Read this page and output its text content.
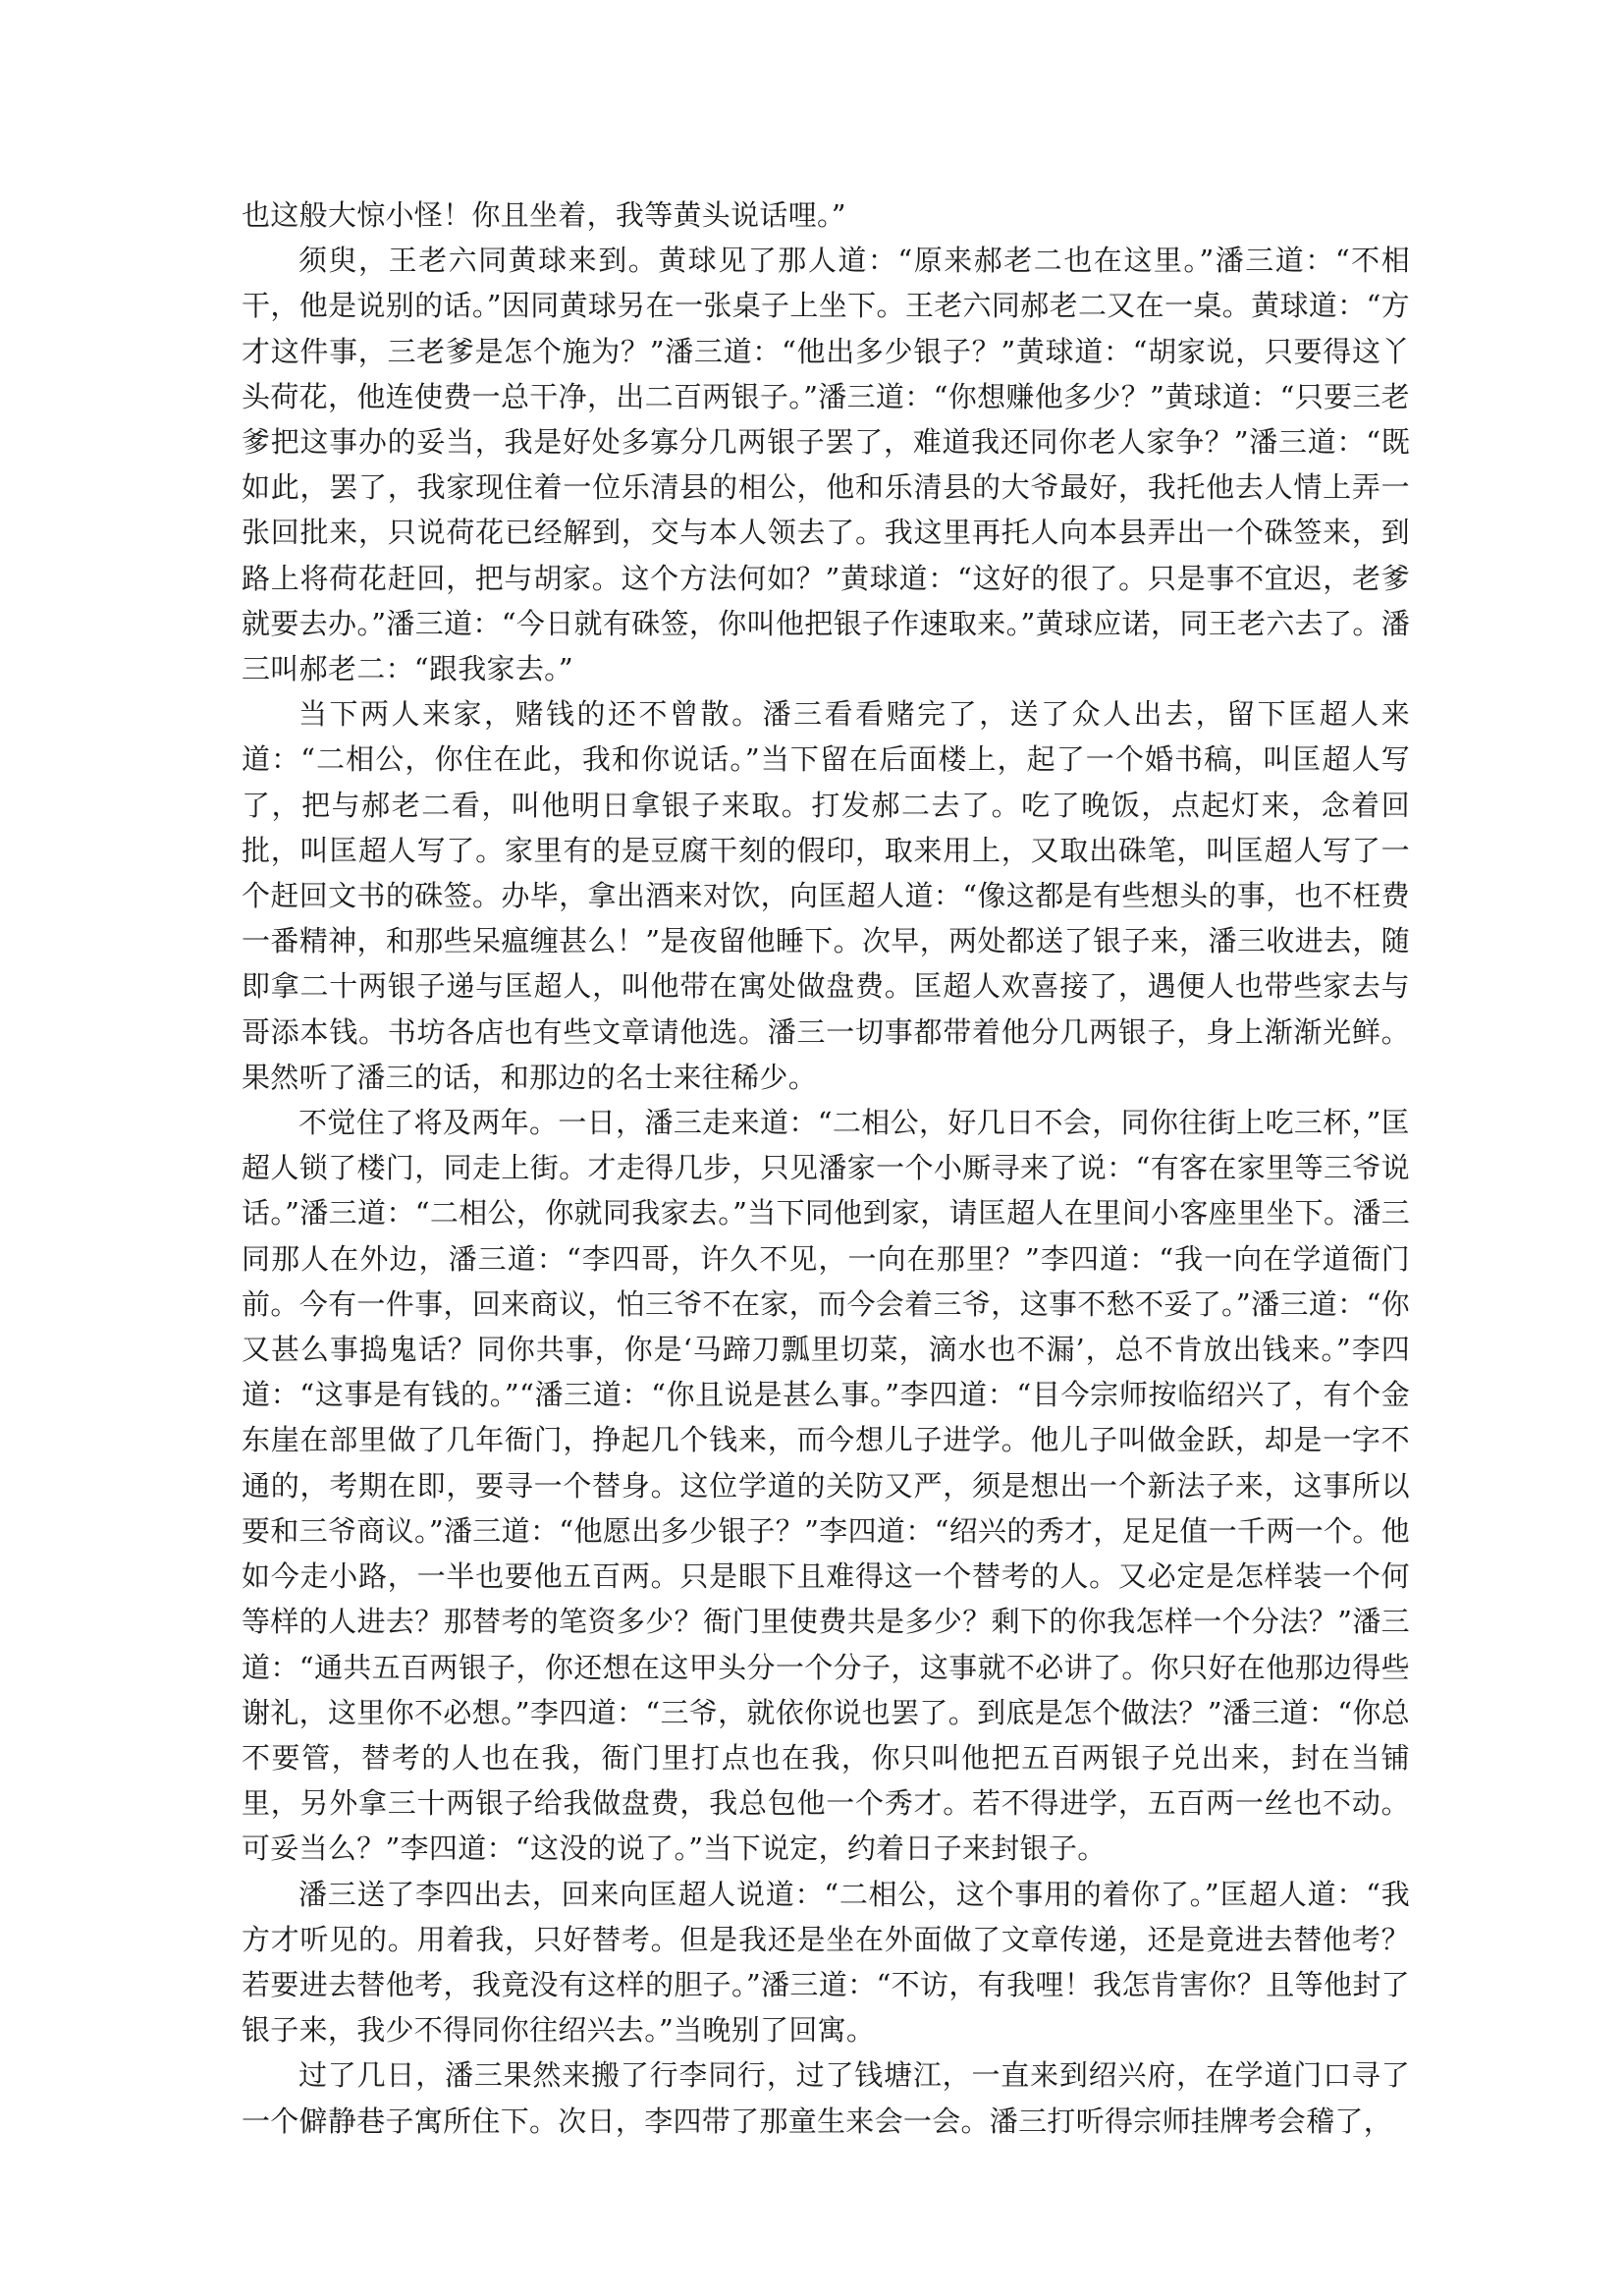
也这般大惊小怪！你且坐着，我等黄头说话哩。”

须臾，王老六同黄球来到。黄球见了那人道：“原来郝老二也在这里。”潘三道：“不相干，他是说别的话。”因同黄球另在一张桌子上坐下。王老六同郝老二又在一桌。黄球道：“方才这件事，三老爹是怎个施为？”潘三道：“他出多少银子？”黄球道：“胡家说，只要得这丫头荷花，他连使费一总干净，出二百两银子。”潘三道：“你想赚他多少？”黄球道：“只要三老爹把这事办的妥当，我是好处多寡分几两银子罢了，难道我还同你老人家争？”潘三道：“既如此，罢了，我家现住着一位乐清县的相公，他和乐清县的大爷最好，我托他去人情上弄一张回批来，只说荷花已经解到，交与本人领去了。我这里再托人向本县弄出一个硃签来，到路上将荷花赶回，把与胡家。这个方法何如？”黄球道：“这好的很了。只是事不宜迟，老爹就要去办。”潘三道：“今日就有硃签，你叫他把银子作速取来。”黄球应诺，同王老六去了。潘三叫郝老二：“跟我家去。”

当下两人来家，赌钱的还不曾散。潘三看看赌完了，送了众人出去，留下匡超人来道：“二相公，你住在此，我和你说话。”当下留在后面楼上，起了一个婚书稿，叫匡超人写了，把与郝老二看，叫他明日拿银子来取。打发郝二去了。吃了晚饭，点起灯来，念着回批，叫匡超人写了。家里有的是豆腐干刻的假印，取来用上，又取出硃笔，叫匡超人写了一个赶回文书的硃签。办毕，拿出酒来对饮，向匡超人道：“像这都是有些想头的事，也不枉费一番精神，和那些呆瘟缠甚么！”是夜留他睡下。次早，两处都送了银子来，潘三收进去，随即拿二十两银子递与匡超人，叫他带在寓处做盘费。匡超人欢喜接了，遇便人也带些家去与哥添本钱。书坊各店也有些文章请他选。潘三一切事都带着他分几两银子，身上渐渐光鲜。果然听了潘三的话，和那边的名士来往稀少。

不觉住了将及两年。一日，潘三走来道：“二相公，好几日不会，同你往街上吃三杯，”匡超人锁了楼门，同走上街。才走得几步，只见潘家一个小厮寻来了说：“有客在家里等三爷说话。”潘三道：“二相公，你就同我家去。”当下同他到家，请匡超人在里间小客座里坐下。潘三同那人在外边，潘三道：“李四哥，许久不见，一向在那里？”李四道：“我一向在学道衙门前。今有一件事，回来商议，怕三爷不在家，而今会着三爷，这事不愁不妥了。”潘三道：“你又甚么事捣鬼话？同你共事，你是‘马蹄刀瓢里切菜，滴水也不漏’，总不肯放出钱来。”李四道：“这事是有钱的。”“潘三道：“你且说是甚么事。”李四道：“目今宗师按临绍兴了，有个金东崖在部里做了几年衙门，挣起几个钱来，而今想儿子进学。他儿子叫做金跃，却是一字不通的，考期在即，要寻一个替身。这位学道的关防又严，须是想出一个新法子来，这事所以要和三爷商议。”潘三道：“他愿出多少银子？”李四道：“绍兴的秀才，足足值一千两一个。他如今走小路，一半也要他五百两。只是眼下且难得这一个替考的人。又必定是怎样装一个何等样的人进去？那替考的笔资多少？衙门里使费共是多少？剩下的你我怎样一个分法？”潘三道：“通共五百两银子，你还想在这甲头分一个分子，这事就不必讲了。你只好在他那边得些谢礼，这里你不必想。”李四道：“三爷，就依你说也罢了。到底是怎个做法？”潘三道：“你总不要管，替考的人也在我，衙门里打点也在我，你只叫他把五百两银子兑出来，封在当铺里，另外拿三十两银子给我做盘费，我总包他一个秀才。若不得进学，五百两一丝也不动。可妥当么？”李四道：“这没的说了。”当下说定，约着日子来封银子。

潘三送了李四出去，回来向匡超人说道：“二相公，这个事用的着你了。”匡超人道：“我方才听见的。用着我，只好替考。但是我还是坐在外面做了文章传递，还是竟进去替他考？若要进去替他考，我竟没有这样的胆子。”潘三道：“不访，有我哩！我怎肯害你？且等他封了银子来，我少不得同你往绍兴去。”当晚别了回寓。

过了几日，潘三果然来搬了行李同行，过了钱塘江，一直来到绍兴府，在学道门口寻了一个僻静巷子寓所住下。次日，李四带了那童生来会一会。潘三打听得宗师挂牌考会稽了，
